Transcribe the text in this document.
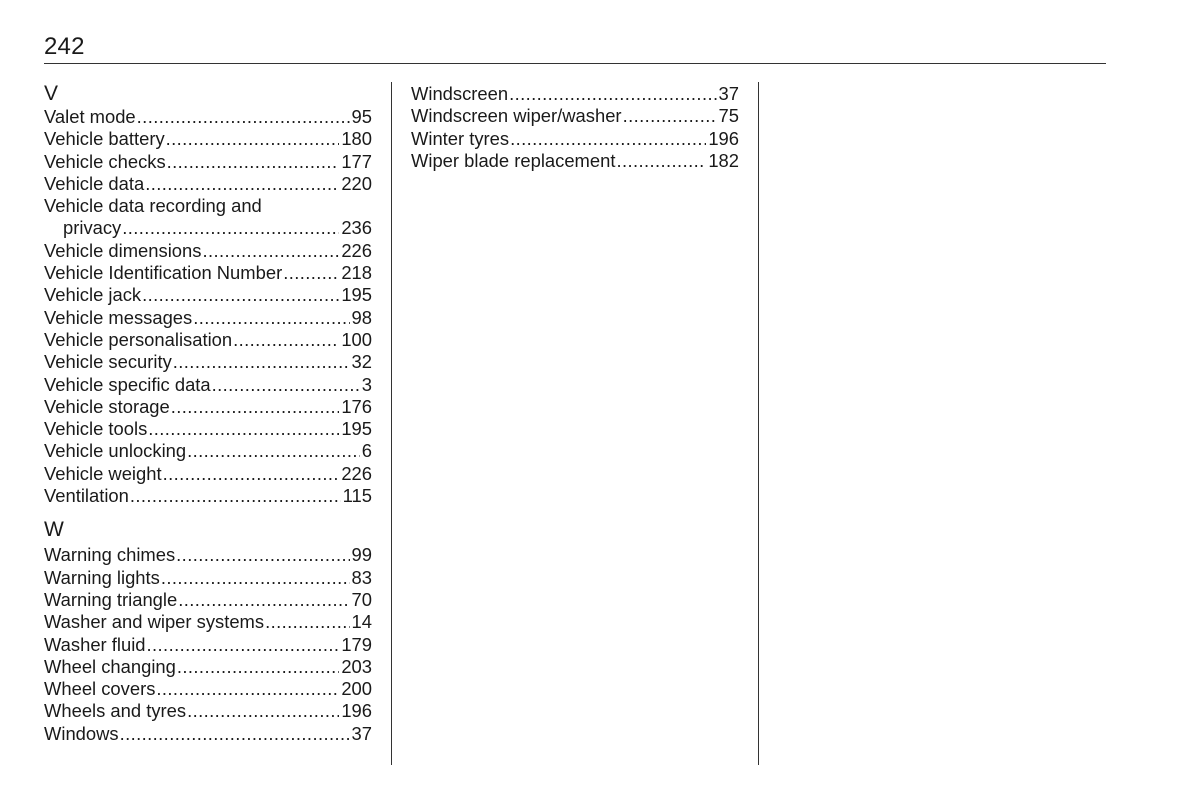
242
V
Valet mode .....	95
Vehicle battery .....	180
Vehicle checks .....	177
Vehicle data .....	220
Vehicle data recording and
privacy .....	236
Vehicle dimensions .....	226
Vehicle Identification Number .....	218
Vehicle jack .....	195
Vehicle messages .....	98
Vehicle personalisation .....	100
Vehicle security .....	32
Vehicle specific data .....	3
Vehicle storage .....	176
Vehicle tools .....	195
Vehicle unlocking .....	6
Vehicle weight .....	226
Ventilation .....	115
W
Warning chimes .....	99
Warning lights .....	83
Warning triangle .....	70
Washer and wiper systems .....	14
Washer fluid .....	179
Wheel changing .....	203
Wheel covers .....	200
Wheels and tyres .....	196
Windows .....	37
Windscreen .....	37
Windscreen wiper/washer .....	75
Winter tyres .....	196
Wiper blade replacement .....	182
